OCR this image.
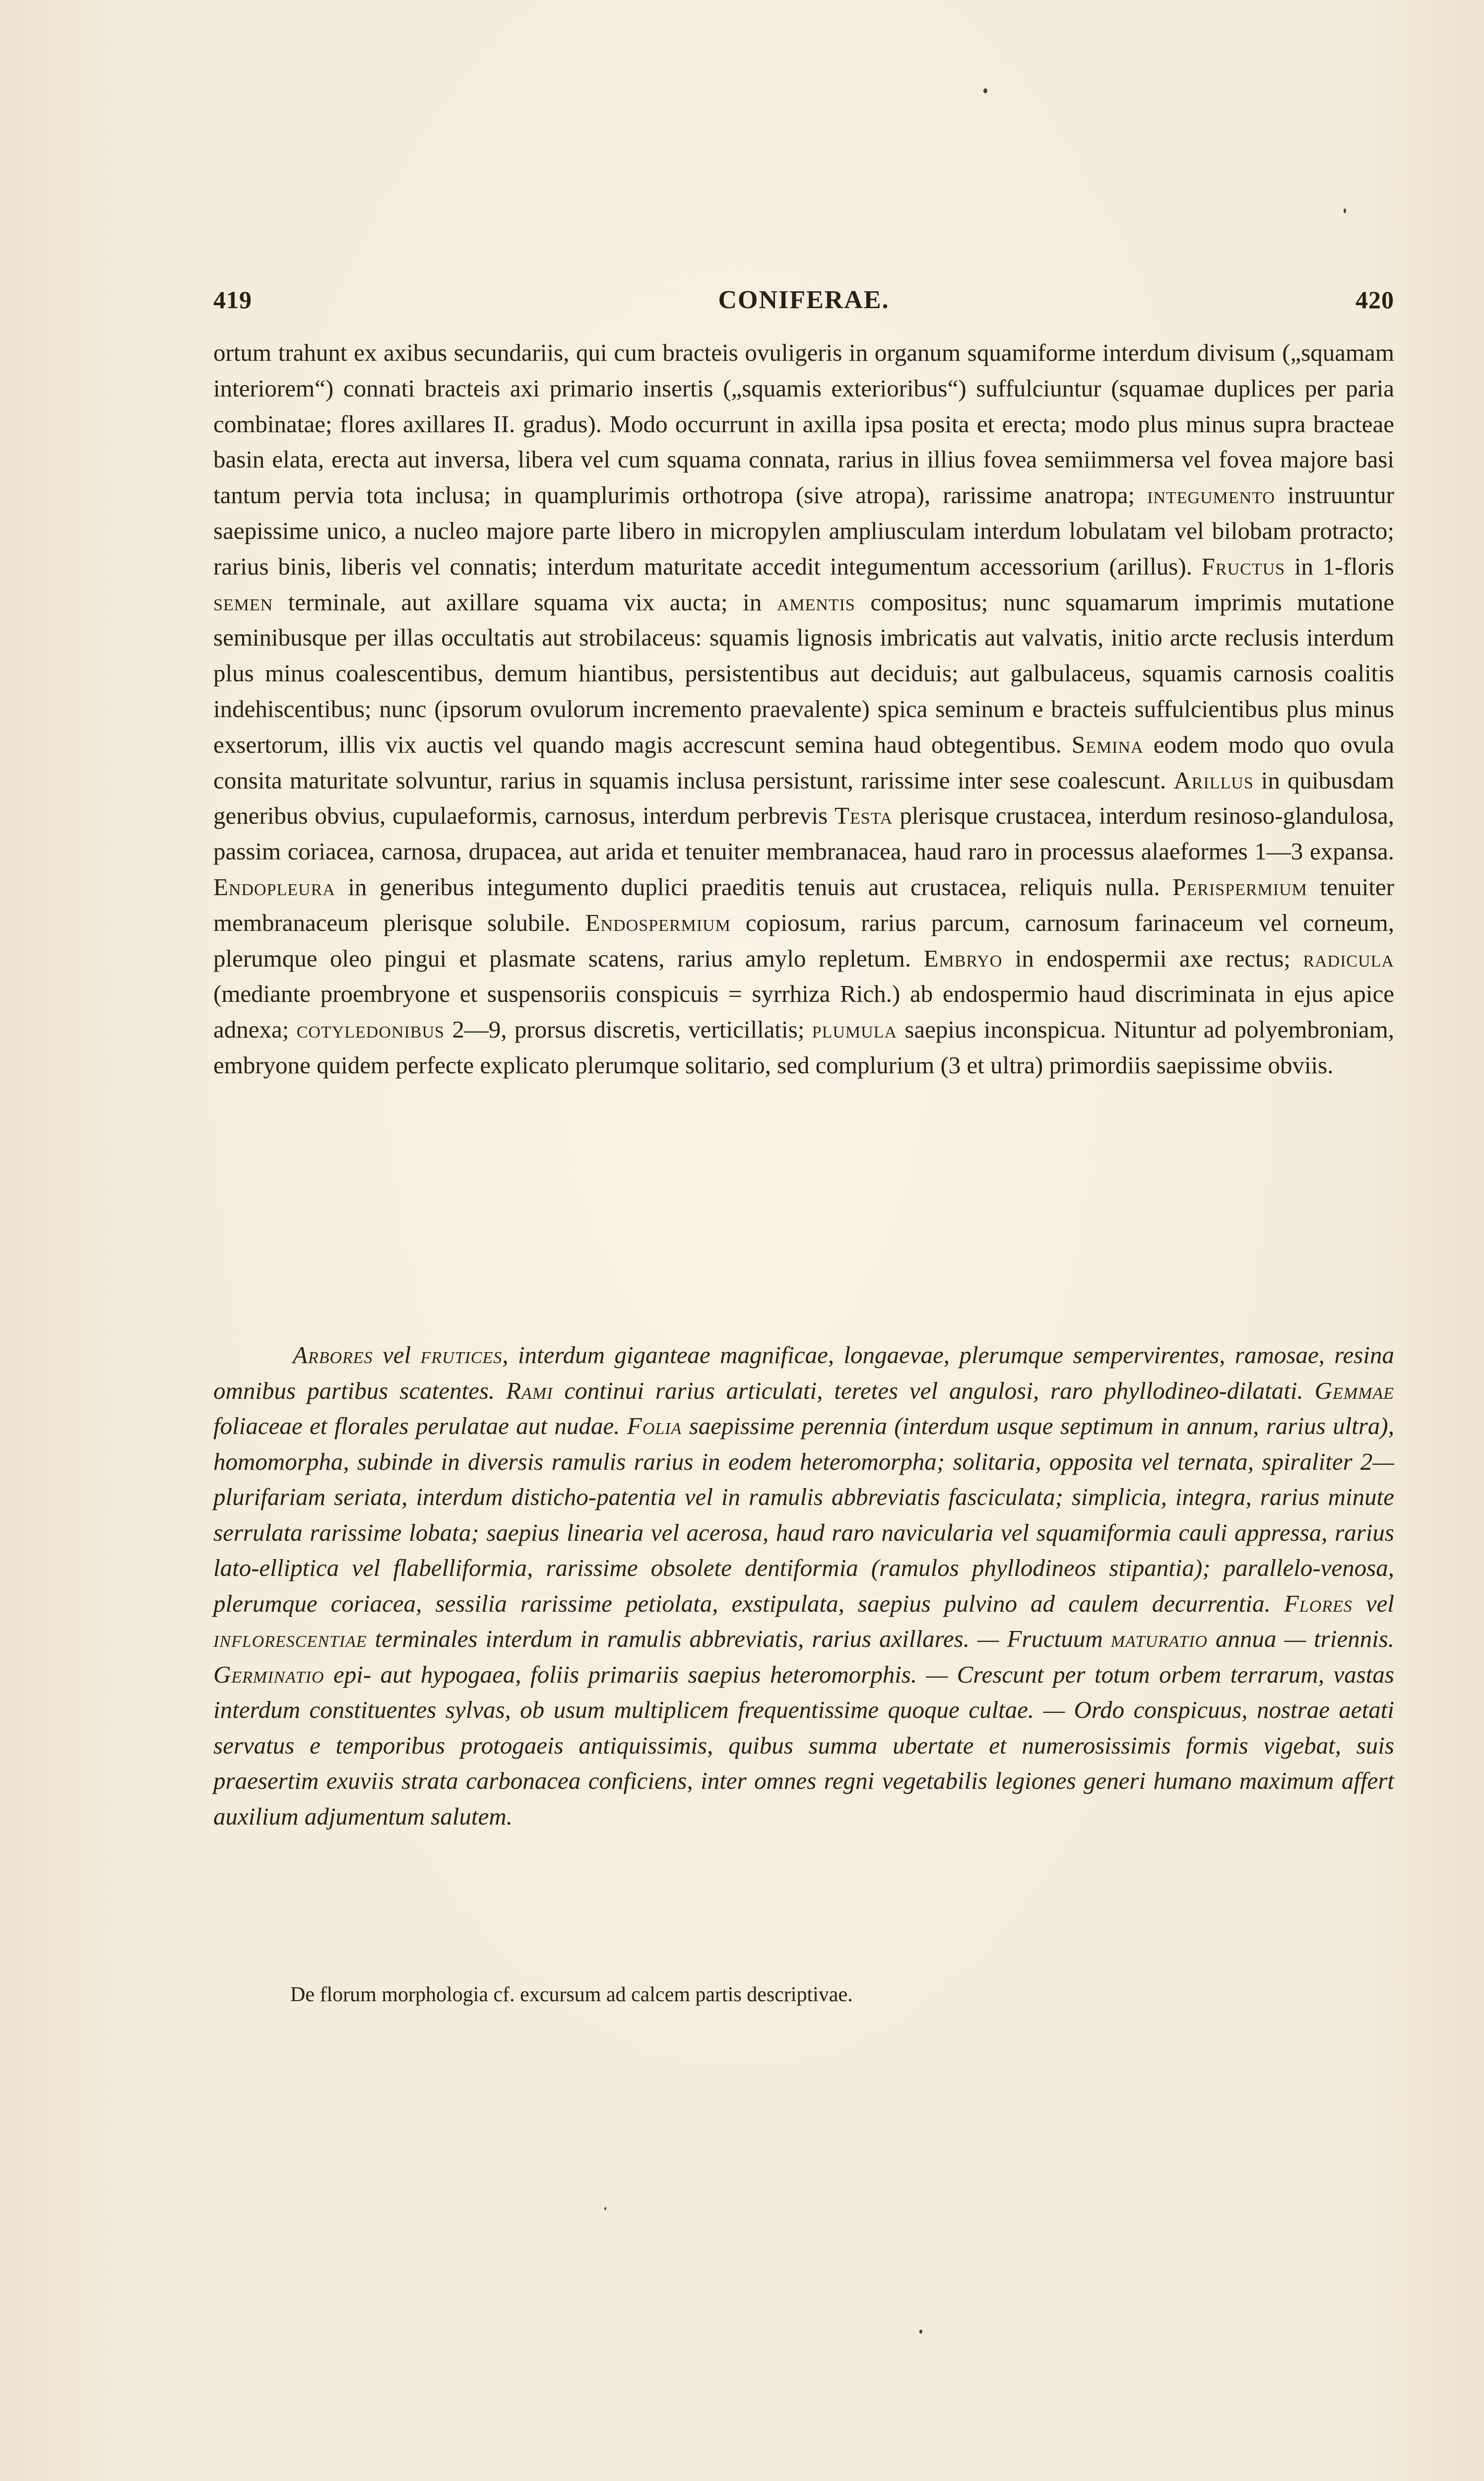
419	CONIFERAE.	420

ortum trahunt ex axibus secundariis, qui cum bracteis ovuligeris in organum squamiforme interdum divisum („squamam interiorem“) connati bracteis axi primario insertis („squamis exterioribus“) suffulciuntur (squamae duplices per paria combinatae; flores axillares II. gradus). Modo occurrunt in axilla ipsa posita et erecta; modo plus minus supra bracteae basin elata, erecta aut inversa, libera vel cum squama connata, rarius in illius fovea semiimmersa vel fovea majore basi tantum pervia tota inclusa; in quamplurimis orthotropa (sive atropa), rarissime anatropa; integumento instruuntur saepissime unico, a nucleo majore parte libero in micropylen ampliusculam interdum lobulatam vel bilobam protracto; rarius binis, liberis vel connatis; interdum maturitate accedit integumentum accessorium (arillus). Fructus in 1-floris semen terminale, aut axillare squama vix aucta; in amentis compositus; nunc squamarum imprimis mutatione seminibusque per illas occultatis aut strobilaceus: squamis lignosis imbricatis aut valvatis, initio arcte reclusis interdum plus minus coalescentibus, demum hiantibus, persistentibus aut deciduis; aut galbulaceus, squamis carnosis coalitis indehiscentibus; nunc (ipsorum ovulorum incremento praevalente) spica seminum e bracteis suffulcientibus plus minus exsertorum, illis vix auctis vel quando magis accrescunt semina haud obtegentibus. Semina eodem modo quo ovula consita maturitate solvuntur, rarius in squamis inclusa persistunt, rarissime inter sese coalescunt. Arillus in quibusdam generibus obvius, cupulaeformis, carnosus, interdum perbrevis Testa plerisque crustacea, interdum resinoso-glandulosa, passim coriacea, carnosa, drupacea, aut arida et tenuiter membranacea, haud raro in processus alaeformes 1—3 expansa. Endopleura in generibus integumento duplici praeditis tenuis aut crustacea, reliquis nulla. Perispermium tenuiter membranaceum plerisque solubile. Endospermium copiosum, rarius parcum, carnosum farinaceum vel corneum, plerumque oleo pingui et plasmate scatens, rarius amylo repletum. Embryo in endospermii axe rectus; radicula (mediante proembryone et suspensoriis conspicuis = syrrhiza Rich.) ab endospermio haud discriminata in ejus apice adnexa; cotyledonibus 2—9, prorsus discretis, verticillatis; plumula saepius inconspicua. Nituntur ad polyembroniam, embryone quidem perfecte explicato plerumque solitario, sed complurium (3 et ultra) primordiis saepissime obviis.

Arbores vel frutices, interdum giganteae magnificae, longaevae, plerumque sempervirentes, ramosae, resina omnibus partibus scatentes. Rami continui rarius articulati, teretes vel angulosi, raro phyllodineo-dilatati. Gemmae foliaceae et florales perulatae aut nudae. Folia saepissime perennia (interdum usque septimum in annum, rarius ultra), homomorpha, subinde in diversis ramulis rarius in eodem heteromorpha; solitaria, opposita vel ternata, spiraliter 2—plurifariam seriata, interdum disticho-patentia vel in ramulis abbreviatis fasciculata; simplicia, integra, rarius minute serrulata rarissime lobata; saepius linearia vel acerosa, haud raro navicularia vel squamiformia cauli appressa, rarius lato-elliptica vel flabelliformia, rarissime obsolete dentiformia (ramulos phyllodineos stipantia); parallelo-venosa, plerumque coriacea, sessilia rarissime petiolata, exstipulata, saepius pulvino ad caulem decurrentia. Flores vel inflorescentiae terminales interdum in ramulis abbreviatis, rarius axillares. — Fructuum maturatio annua — triennis. Germinatio epi- aut hypogaea, foliis primariis saepius heteromorphis. — Crescunt per totum orbem terrarum, vastas interdum constituentes sylvas, ob usum multiplicem frequentissime quoque cultae. — Ordo conspicuus, nostrae aetati servatus e temporibus protogaeis antiquissimis, quibus summa ubertate et numerosissimis formis vigebat, suis praesertim exuviis strata carbonacea conficiens, inter omnes regni vegetabilis legiones generi humano maximum affert auxilium adjumentum salutem.

De florum morphologia cf. excursum ad calcem partis descriptivae.
